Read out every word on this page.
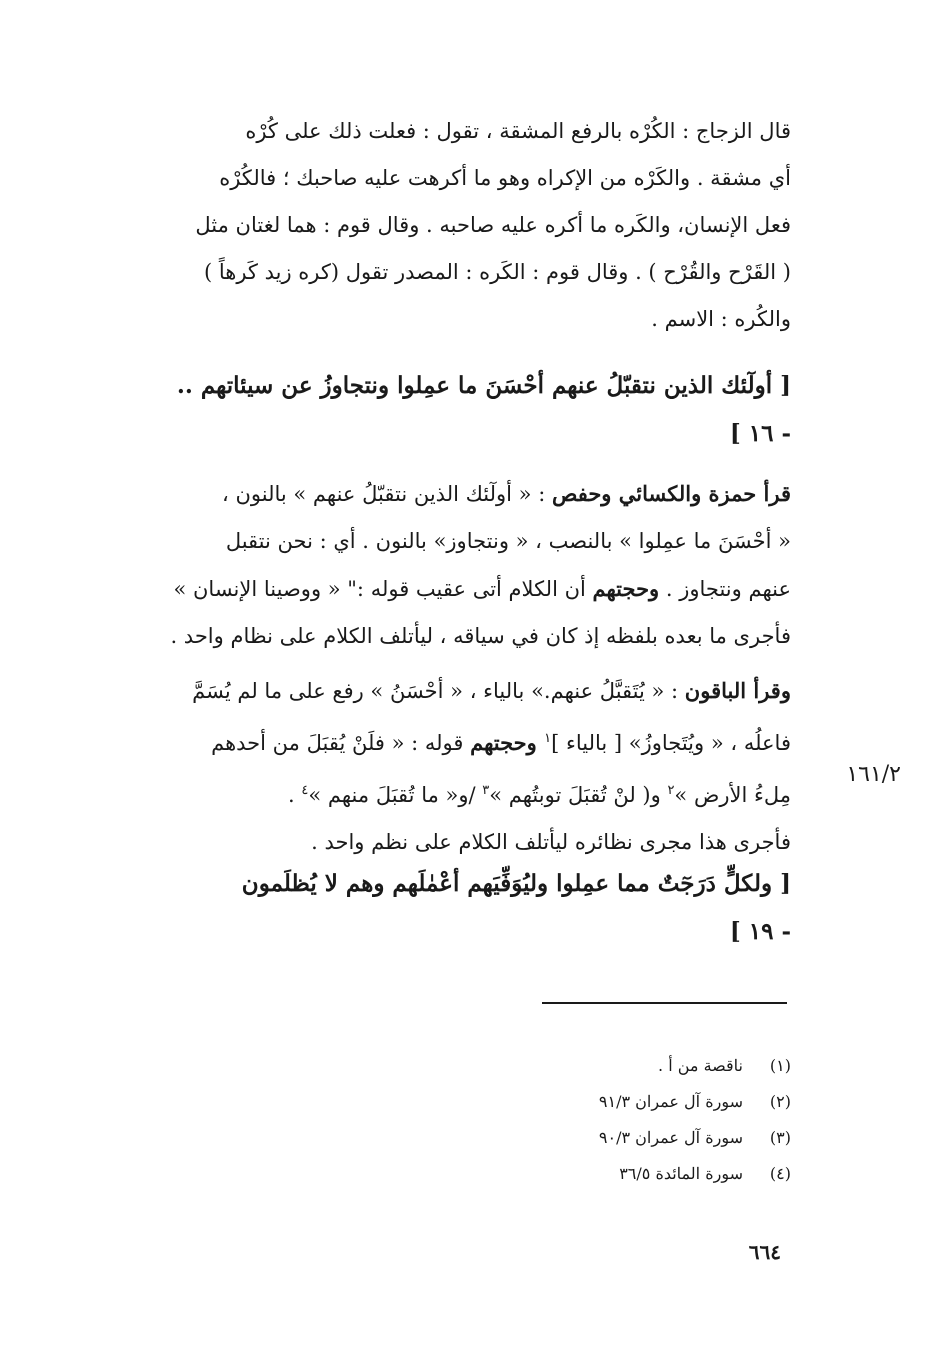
قال الزجاج : الكُرْه بالرفع المشقة ، تقول : فعلت ذلك على كُرْه
أي مشقة . والكَرْه من الإكراه وهو ما أكرهت عليه صاحبك ؛ فالكُرْه
فعل الإنسان، والكَره ما أكره عليه صاحبه . وقال قوم : هما لغتان مثل
( القَرْح والقُرْح ) . وقال قوم : الكَره : المصدر تقول (كره زيد كَرهاً )
والكُره : الاسم .
[ أولٓئك الذين نتقبّلُ عنهم أحْسَنَ ما عمِلوا ونتجاوزُ عن سيئاتهم ..
- ١٦ ]
قرأ حمزة والكسائي وحفص : « أولٓئك الذين نتقبّلُ عنهم » بالنون ،
« أحْسَنَ ما عمِلوا » بالنصب ، « ونتجاوز» بالنون . أي : نحن نتقبل
عنهم ونتجاوز . وحجتهم أن الكلام أتى عقيب قوله :" « ووصينا الإنسان »
فأجرى ما بعده بلفظه إذ كان في سياقه ، ليأتلف الكلام على نظام واحد .
وقرأ الباقون : « يُتَقبَّلُ عنهم.» بالياء ، « أحْسَنُ » رفع على ما لم يُسَمَّ
فاعلُه ، « ويُتَجاوزُ» [ بالياء ]$^١$ وحجتهم قوله : « فلَنْ يُقبَلَ من أحدهم
مِلءُ الأرض »$^٢$ و( لنْ تُقبَلَ توبتُهم »$^٣$ /و« ما تُقبَلَ منهم »$^٤$ .
فأجرى هذا مجرى نظائره ليأتلف الكلام على نظم واحد .
١٦١/٢
[ ولكلٍّ دَرَجٓتٌ مما عمِلوا وليُوَفِّيَهم أعْمٰلَهم وهم لا يُظلَمون
- ١٩ ]
(١)ناقصة من أ .
(٢)سورة آل عمران ٩١/٣
(٣)سورة آل عمران ٩٠/٣
(٤)سورة المائدة ٣٦/٥
٦٦٤
